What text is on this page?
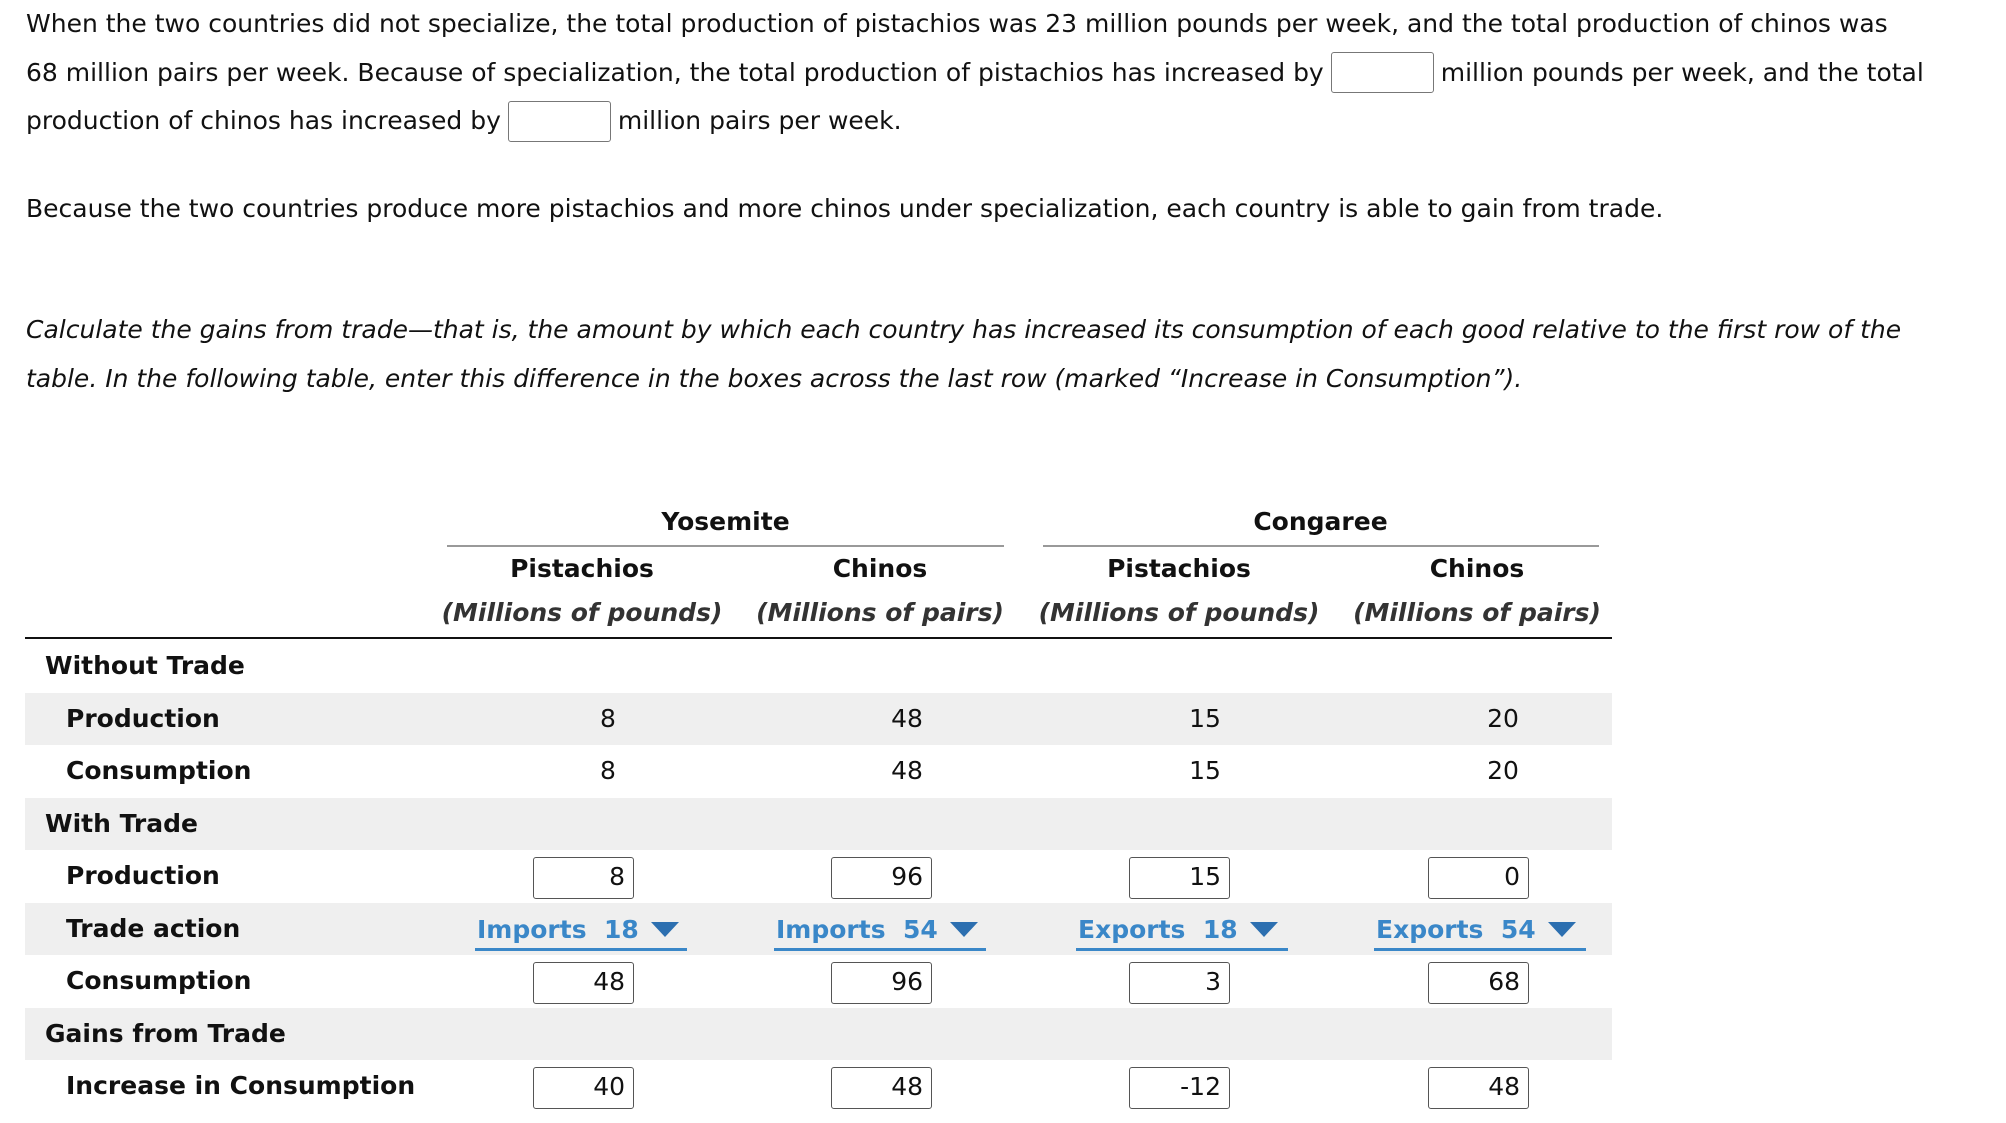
When the two countries did not specialize, the total production of pistachios was 23 million pounds per week, and the total production of chinos was
68 million pairs per week. Because of specialization, the total production of pistachios has increased by	million pounds per week, and the total
production of chinos has increased by	million pairs per week.
Because the two countries produce more pistachios and more chinos under specialization, each country is able to gain from trade.
Calculate the gains from trade—that is, the amount by which each country has increased its consumption of each good relative to the first row of the
table. In the following table, enter this difference in the boxes across the last row (marked “Increase in Consumption”).
Yosemite	Congaree
Pistachios	Chinos	Pistachios	Chinos
(Millions of pounds)	(Millions of pairs)	(Millions of pounds)	(Millions of pairs)
Without Trade
Production	8	48	15	20
Consumption	8	48	15	20
With Trade
Production	8	96	15	0
Trade action	Imports  18	Imports  54	Exports  18	Exports  54
Consumption	48	96	3	68
Gains from Trade
Increase in Consumption	40	48	-12	48
